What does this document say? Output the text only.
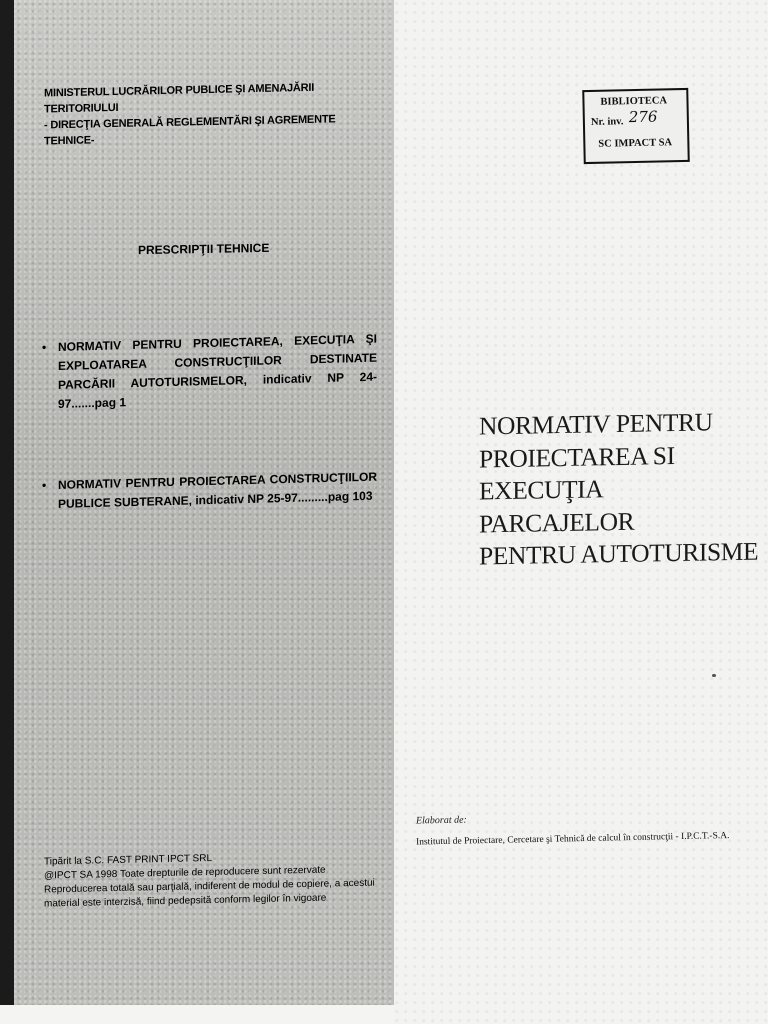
MINISTERUL LUCRĂRILOR PUBLICE ŞI AMENAJĂRII TERITORIULUI
- DIRECŢIA GENERALĂ REGLEMENTĂRI ŞI AGREMENTE TEHNICE-
PRESCRIPŢII TEHNICE
• NORMATIV PENTRU PROIECTAREA, EXECUŢIA ŞI EXPLOATAREA CONSTRUCŢIILOR DESTINATE PARCĂRII AUTOTURISMELOR, indicativ NP 24-97.......pag 1
• NORMATIV PENTRU PROIECTAREA CONSTRUCŢIILOR PUBLICE SUBTERANE, indicativ NP 25-97.........pag 103
Tipărit la S.C. FAST PRINT IPCT SRL
@IPCT SA 1998 Toate drepturile de reproducere sunt rezervate
Reproducerea totală sau parţială, indiferent de modul de copiere, a acestui
material este interzisă, fiind pedepsită conform legilor în vigoare
BIBLIOTECA
Nr. inv. 276
SC IMPACT SA
NORMATIV PENTRU
PROIECTAREA SI
EXECUŢIA
PARCAJELOR
PENTRU AUTOTURISME
Elaborat de:
Institutul de Proiectare, Cercetare şi Tehnică de calcul în construcţii - I.P.C.T.-S.A.
